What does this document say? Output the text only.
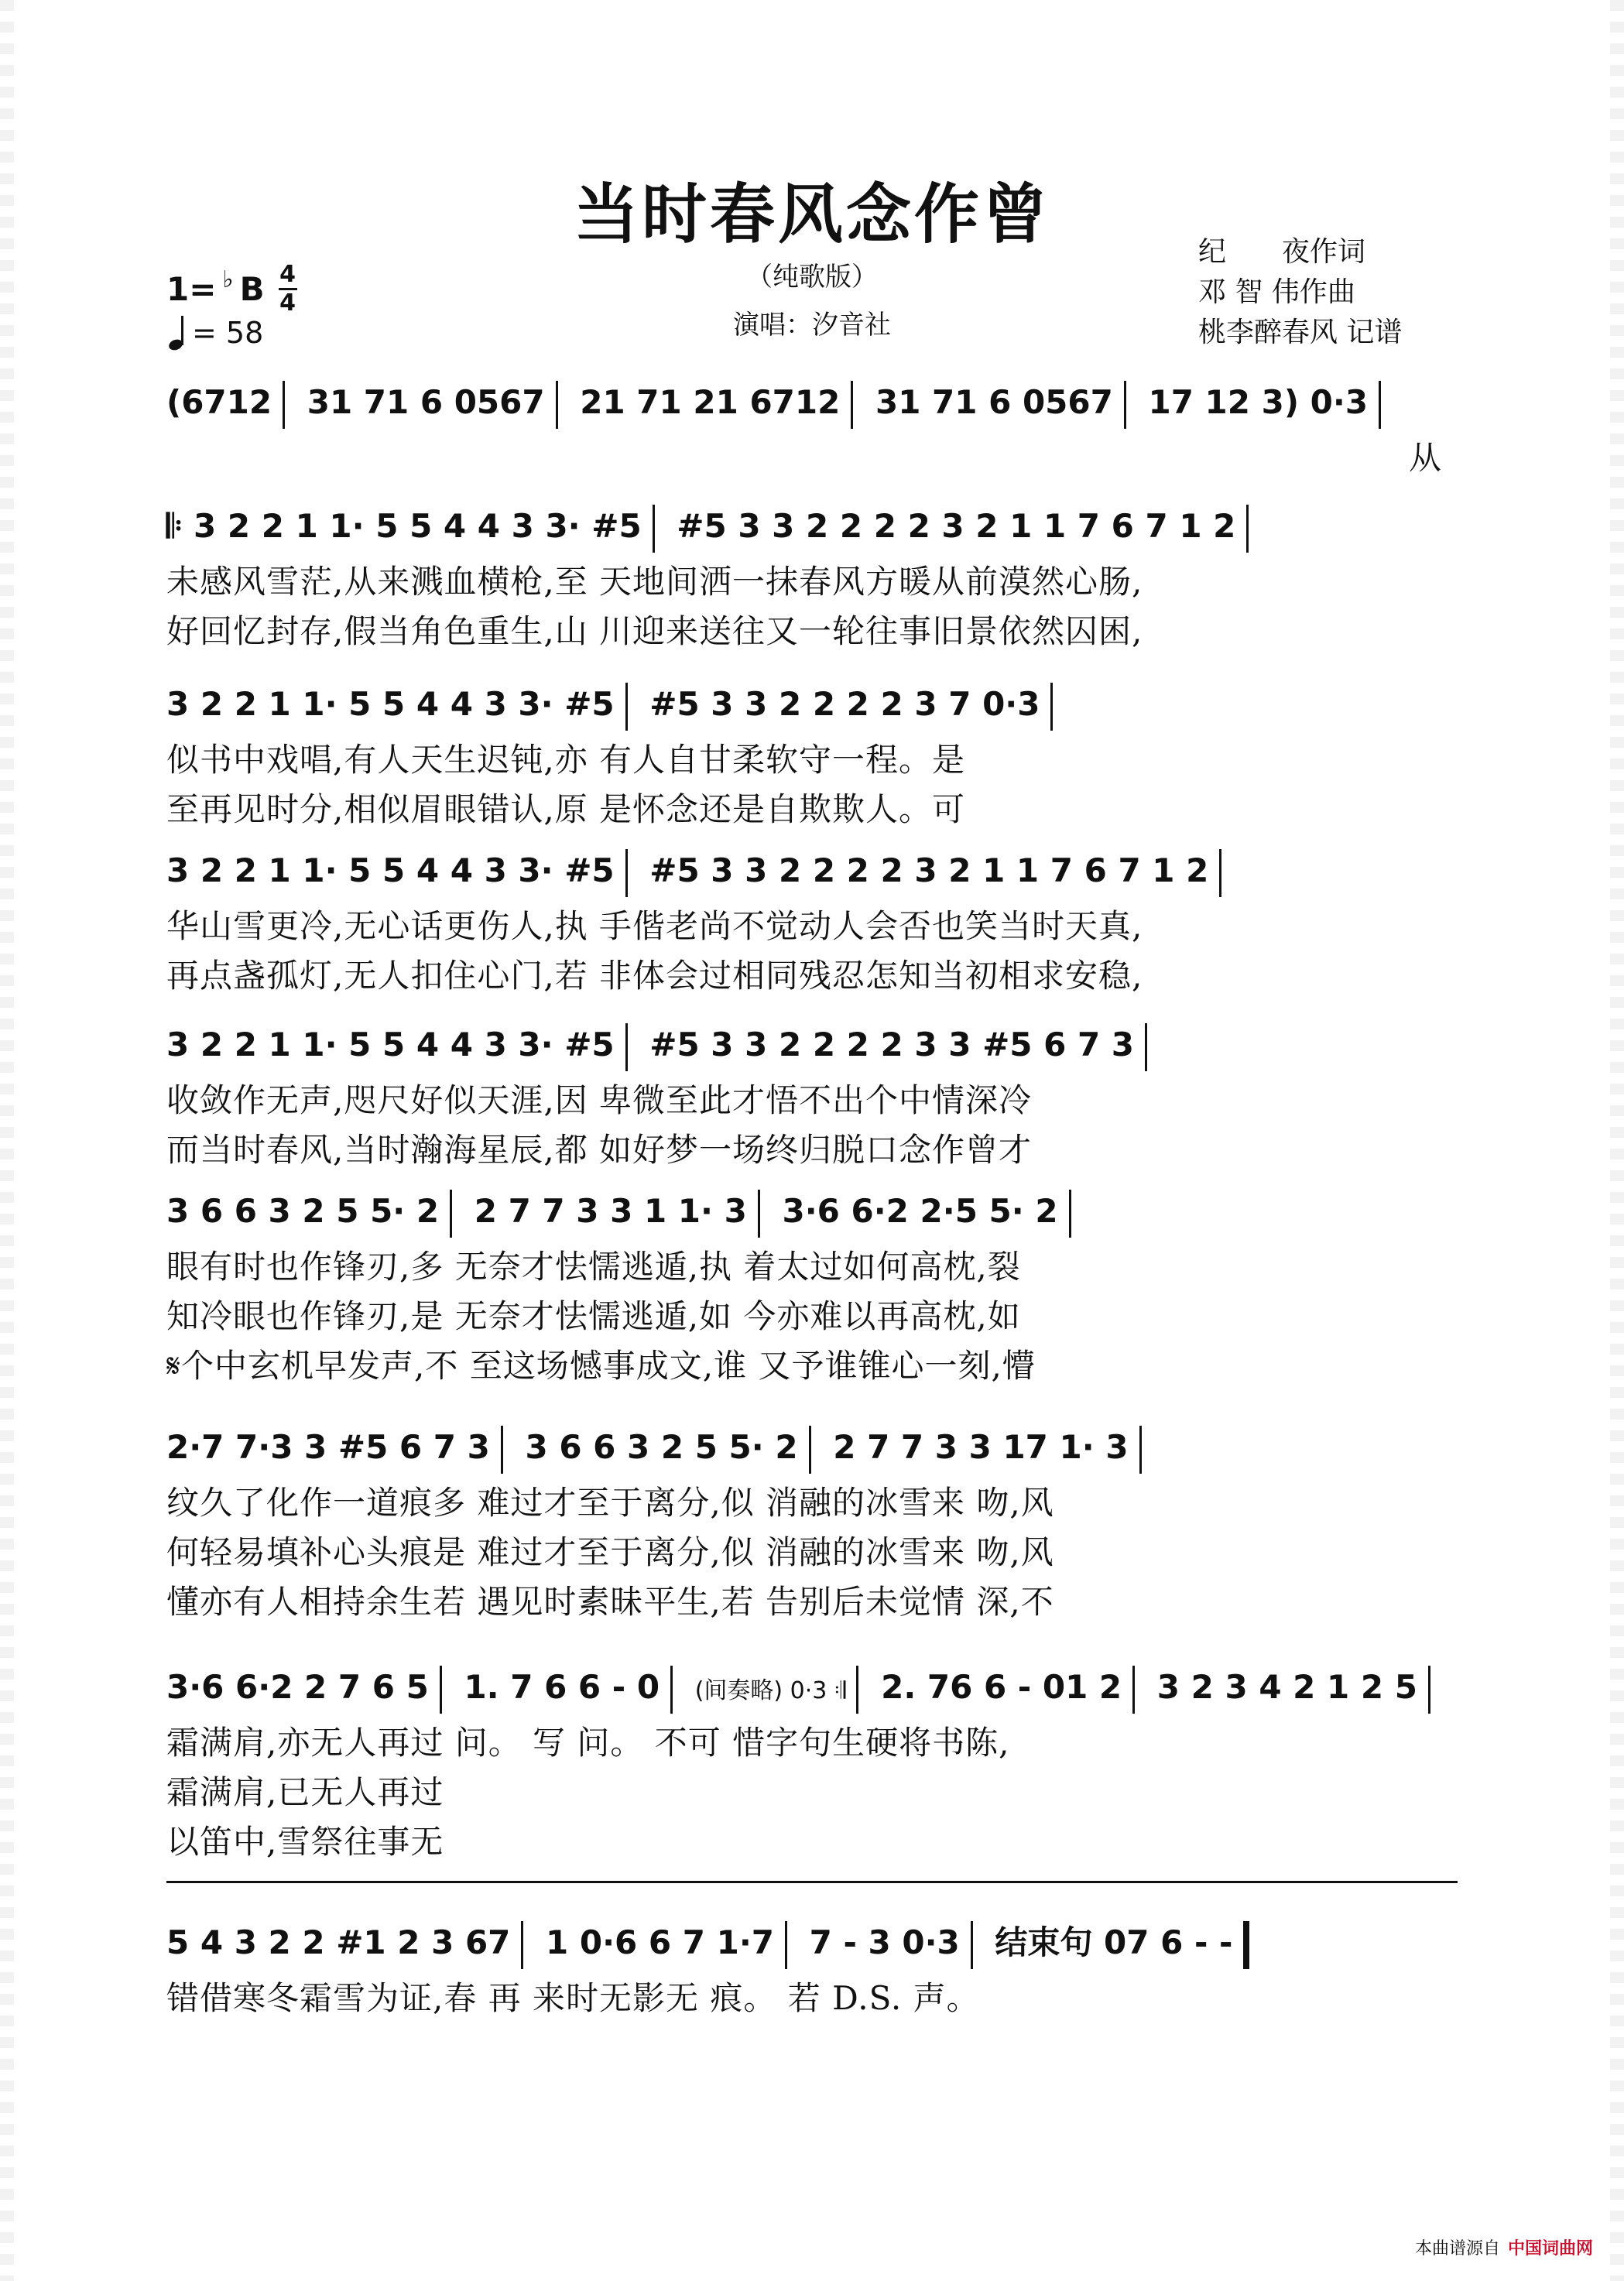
当时春风念作曾
（纯歌版）
演唱：汐音社
1= ♭ B 4
4
= 58
纪　　夜 作词
邓 智 伟 作曲
桃李醉春风 记谱
(6712 31 71 6 0567 21 71 21 6712 31 71 6 0567 17 12 3) 0·3
从
𝄆 3 2 2 1 1· 5 5 4 4 3 3· #5 #5 3 3 2 2 2 2 3 2 1 1 7 6 7 1 2
未感风雪茫,从来溅血横枪,至 天地间洒一抹春风方暖从前漠然心肠,
好回忆封存,假当角色重生,山 川迎来送往又一轮往事旧景依然囚困,
3 2 2 1 1· 5 5 4 4 3 3· #5 #5 3 3 2 2 2 2 3 7 0·3
似书中戏唱,有人天生迟钝,亦 有人自甘柔软守一程。是
至再见时分,相似眉眼错认,原 是怀念还是自欺欺人。可
3 2 2 1 1· 5 5 4 4 3 3· #5 #5 3 3 2 2 2 2 3 2 1 1 7 6 7 1 2
华山雪更冷,无心话更伤人,执 手偕老尚不觉动人会否也笑当时天真,
再点盏孤灯,无人扣住心门,若 非体会过相同残忍怎知当初相求安稳,
3 2 2 1 1· 5 5 4 4 3 3· #5 #5 3 3 2 2 2 2 3 3 #5 6 7 3
收敛作无声,咫尺好似天涯,因 卑微至此才悟不出个中情深冷
而当时春风,当时瀚海星辰,都 如好梦一场终归脱口念作曾才
3 6 6 3 2 5 5· 2 2 7 7 3 3 1 1· 3 3·6 6·2 2·5 5· 2
眼有时也作锋刃,多 无奈才怯懦逃遁,执 着太过如何高枕,裂
知冷眼也作锋刃,是 无奈才怯懦逃遁,如 今亦难以再高枕,如
𝄋个中玄机早发声,不 至这场憾事成文,谁 又予谁锥心一刻,懵
2·7 7·3 3 #5 6 7 3 3 6 6 3 2 5 5· 2 2 7 7 3 3 17 1· 3
纹久了化作一道痕多 难过才至于离分,似 消融的冰雪来 吻,风
何轻易填补心头痕是 难过才至于离分,似 消融的冰雪来 吻,风
懂亦有人相持余生若 遇见时素昧平生,若 告别后未觉情 深,不
3·6 6·2 2 7 6 5 1. 7 6 6 - 0 (间奏略) 0·3 𝄇 2. 76 6 - 01 2 3 2 3 4 2 1 2 5
霜满肩,亦无人再过 问。 写 问。 不可 惜字句生硬将书陈,
霜满肩,已无人再过
以笛中,雪祭往事无
5 4 3 2 2 #1 2 3 67 1 0·6 6 7 1·7 7 - 3 0·3 结束句 07 6 - -
错借寒冬霜雪为证,春 再 来时无影无 痕。 若 D.S. 声。
本曲谱源自 中国词曲网
